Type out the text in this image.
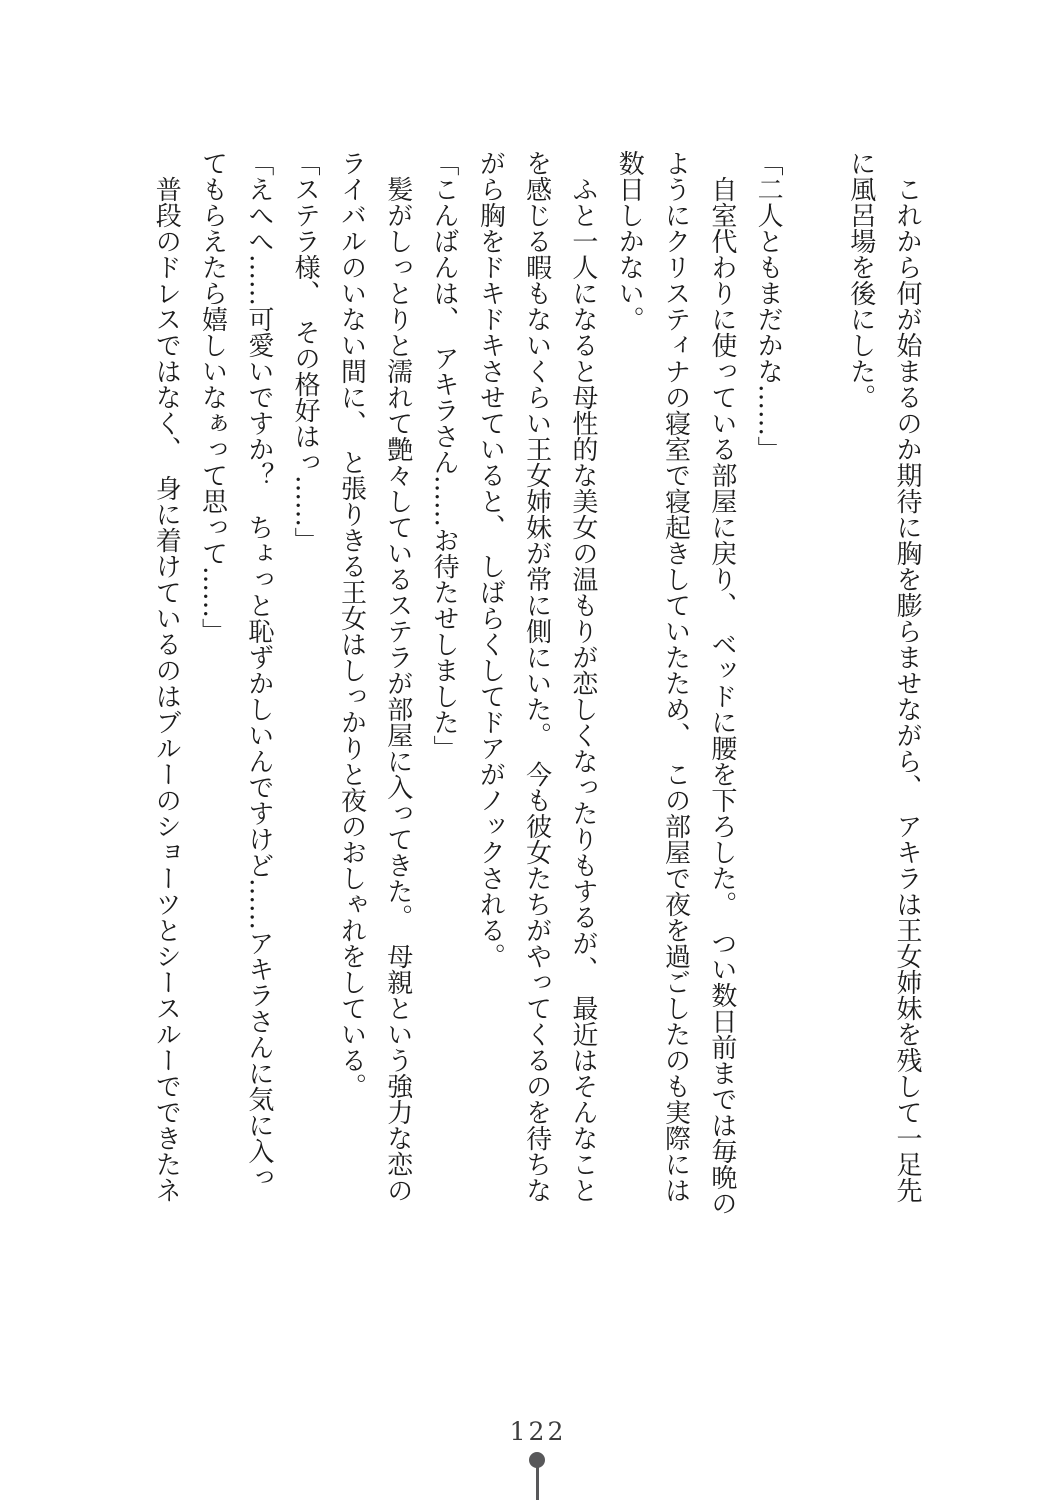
これから何が始まるのか期待に胸を膨らませながら、　アキラは王女姉妹を残して一足先
に風呂場を後にした。
「二人ともまだかな……」
自室代わりに使っている部屋に戻り、　ベッドに腰を下ろした。　つい数日前までは毎晩の
ようにクリスティナの寝室で寝起きしていたため、　この部屋で夜を過ごしたのも実際には
数日しかない。
ふと一人になると母性的な美女の温もりが恋しくなったりもするが、　最近はそんなこと
を感じる暇もないくらい王女姉妹が常に側にいた。　今も彼女たちがやってくるのを待ちな
がら胸をドキドキさせていると、　しばらくしてドアがノックされる。
「こんばんは、　アキラさん……お待たせしました」
髪がしっとりと濡れて艶々しているステラが部屋に入ってきた。　母親という強力な恋の
ライバルのいない間に、　と張りきる王女はしっかりと夜のおしゃれをしている。
「ステラ様、　その格好はっ……」
「えへへ……可愛いですか？　ちょっと恥ずかしいんですけど……アキラさんに気に入っ
てもらえたら嬉しいなぁって思って……」
普段のドレスではなく、　身に着けているのはブルーのショーツとシースルーでできたネ
122
